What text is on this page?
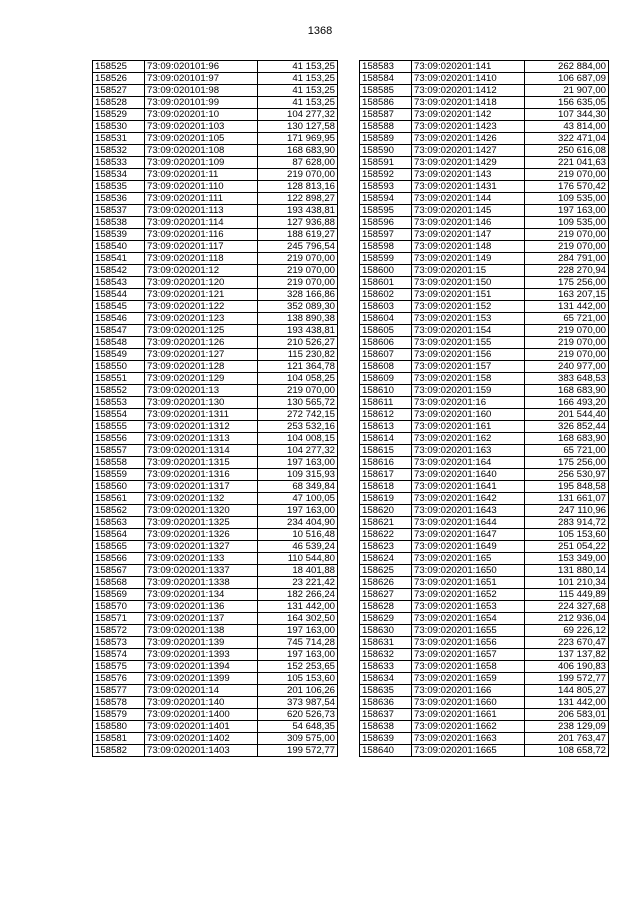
1368
158525	73:09:020101:96	41 153,25
158526	73:09:020101:97	41 153,25
158527	73:09:020101:98	41 153,25
158528	73:09:020101:99	41 153,25
158529	73:09:020201:10	104 277,32
158530	73:09:020201:103	130 127,58
158531	73:09:020201:105	171 969,95
158532	73:09:020201:108	168 683,90
158533	73:09:020201:109	87 628,00
158534	73:09:020201:11	219 070,00
158535	73:09:020201:110	128 813,16
158536	73:09:020201:111	122 898,27
158537	73:09:020201:113	193 438,81
158538	73:09:020201:114	127 936,88
158539	73:09:020201:116	188 619,27
158540	73:09:020201:117	245 796,54
158541	73:09:020201:118	219 070,00
158542	73:09:020201:12	219 070,00
158543	73:09:020201:120	219 070,00
158544	73:09:020201:121	328 166,86
158545	73:09:020201:122	352 089,30
158546	73:09:020201:123	138 890,38
158547	73:09:020201:125	193 438,81
158548	73:09:020201:126	210 526,27
158549	73:09:020201:127	115 230,82
158550	73:09:020201:128	121 364,78
158551	73:09:020201:129	104 058,25
158552	73:09:020201:13	219 070,00
158553	73:09:020201:130	130 565,72
158554	73:09:020201:1311	272 742,15
158555	73:09:020201:1312	253 532,16
158556	73:09:020201:1313	104 008,15
158557	73:09:020201:1314	104 277,32
158558	73:09:020201:1315	197 163,00
158559	73:09:020201:1316	109 315,93
158560	73:09:020201:1317	68 349,84
158561	73:09:020201:132	47 100,05
158562	73:09:020201:1320	197 163,00
158563	73:09:020201:1325	234 404,90
158564	73:09:020201:1326	10 516,48
158565	73:09:020201:1327	46 539,24
158566	73:09:020201:133	110 544,80
158567	73:09:020201:1337	18 401,88
158568	73:09:020201:1338	23 221,42
158569	73:09:020201:134	182 266,24
158570	73:09:020201:136	131 442,00
158571	73:09:020201:137	164 302,50
158572	73:09:020201:138	197 163,00
158573	73:09:020201:139	745 714,28
158574	73:09:020201:1393	197 163,00
158575	73:09:020201:1394	152 253,65
158576	73:09:020201:1399	105 153,60
158577	73:09:020201:14	201 106,26
158578	73:09:020201:140	373 987,54
158579	73:09:020201:1400	620 526,73
158580	73:09:020201:1401	54 648,35
158581	73:09:020201:1402	309 575,00
158582	73:09:020201:1403	199 572,77
158583	73:09:020201:141	262 884,00
158584	73:09:020201:1410	106 687,09
158585	73:09:020201:1412	21 907,00
158586	73:09:020201:1418	156 635,05
158587	73:09:020201:142	107 344,30
158588	73:09:020201:1423	43 814,00
158589	73:09:020201:1426	322 471,04
158590	73:09:020201:1427	250 616,08
158591	73:09:020201:1429	221 041,63
158592	73:09:020201:143	219 070,00
158593	73:09:020201:1431	176 570,42
158594	73:09:020201:144	109 535,00
158595	73:09:020201:145	197 163,00
158596	73:09:020201:146	109 535,00
158597	73:09:020201:147	219 070,00
158598	73:09:020201:148	219 070,00
158599	73:09:020201:149	284 791,00
158600	73:09:020201:15	228 270,94
158601	73:09:020201:150	175 256,00
158602	73:09:020201:151	163 207,15
158603	73:09:020201:152	131 442,00
158604	73:09:020201:153	65 721,00
158605	73:09:020201:154	219 070,00
158606	73:09:020201:155	219 070,00
158607	73:09:020201:156	219 070,00
158608	73:09:020201:157	240 977,00
158609	73:09:020201:158	383 648,53
158610	73:09:020201:159	168 683,90
158611	73:09:020201:16	166 493,20
158612	73:09:020201:160	201 544,40
158613	73:09:020201:161	326 852,44
158614	73:09:020201:162	168 683,90
158615	73:09:020201:163	65 721,00
158616	73:09:020201:164	175 256,00
158617	73:09:020201:1640	256 530,97
158618	73:09:020201:1641	195 848,58
158619	73:09:020201:1642	131 661,07
158620	73:09:020201:1643	247 110,96
158621	73:09:020201:1644	283 914,72
158622	73:09:020201:1647	105 153,60
158623	73:09:020201:1649	251 054,22
158624	73:09:020201:165	153 349,00
158625	73:09:020201:1650	131 880,14
158626	73:09:020201:1651	101 210,34
158627	73:09:020201:1652	115 449,89
158628	73:09:020201:1653	224 327,68
158629	73:09:020201:1654	212 936,04
158630	73:09:020201:1655	69 226,12
158631	73:09:020201:1656	223 670,47
158632	73:09:020201:1657	137 137,82
158633	73:09:020201:1658	406 190,83
158634	73:09:020201:1659	199 572,77
158635	73:09:020201:166	144 805,27
158636	73:09:020201:1660	131 442,00
158637	73:09:020201:1661	206 583,01
158638	73:09:020201:1662	238 129,09
158639	73:09:020201:1663	201 763,47
158640	73:09:020201:1665	108 658,72
